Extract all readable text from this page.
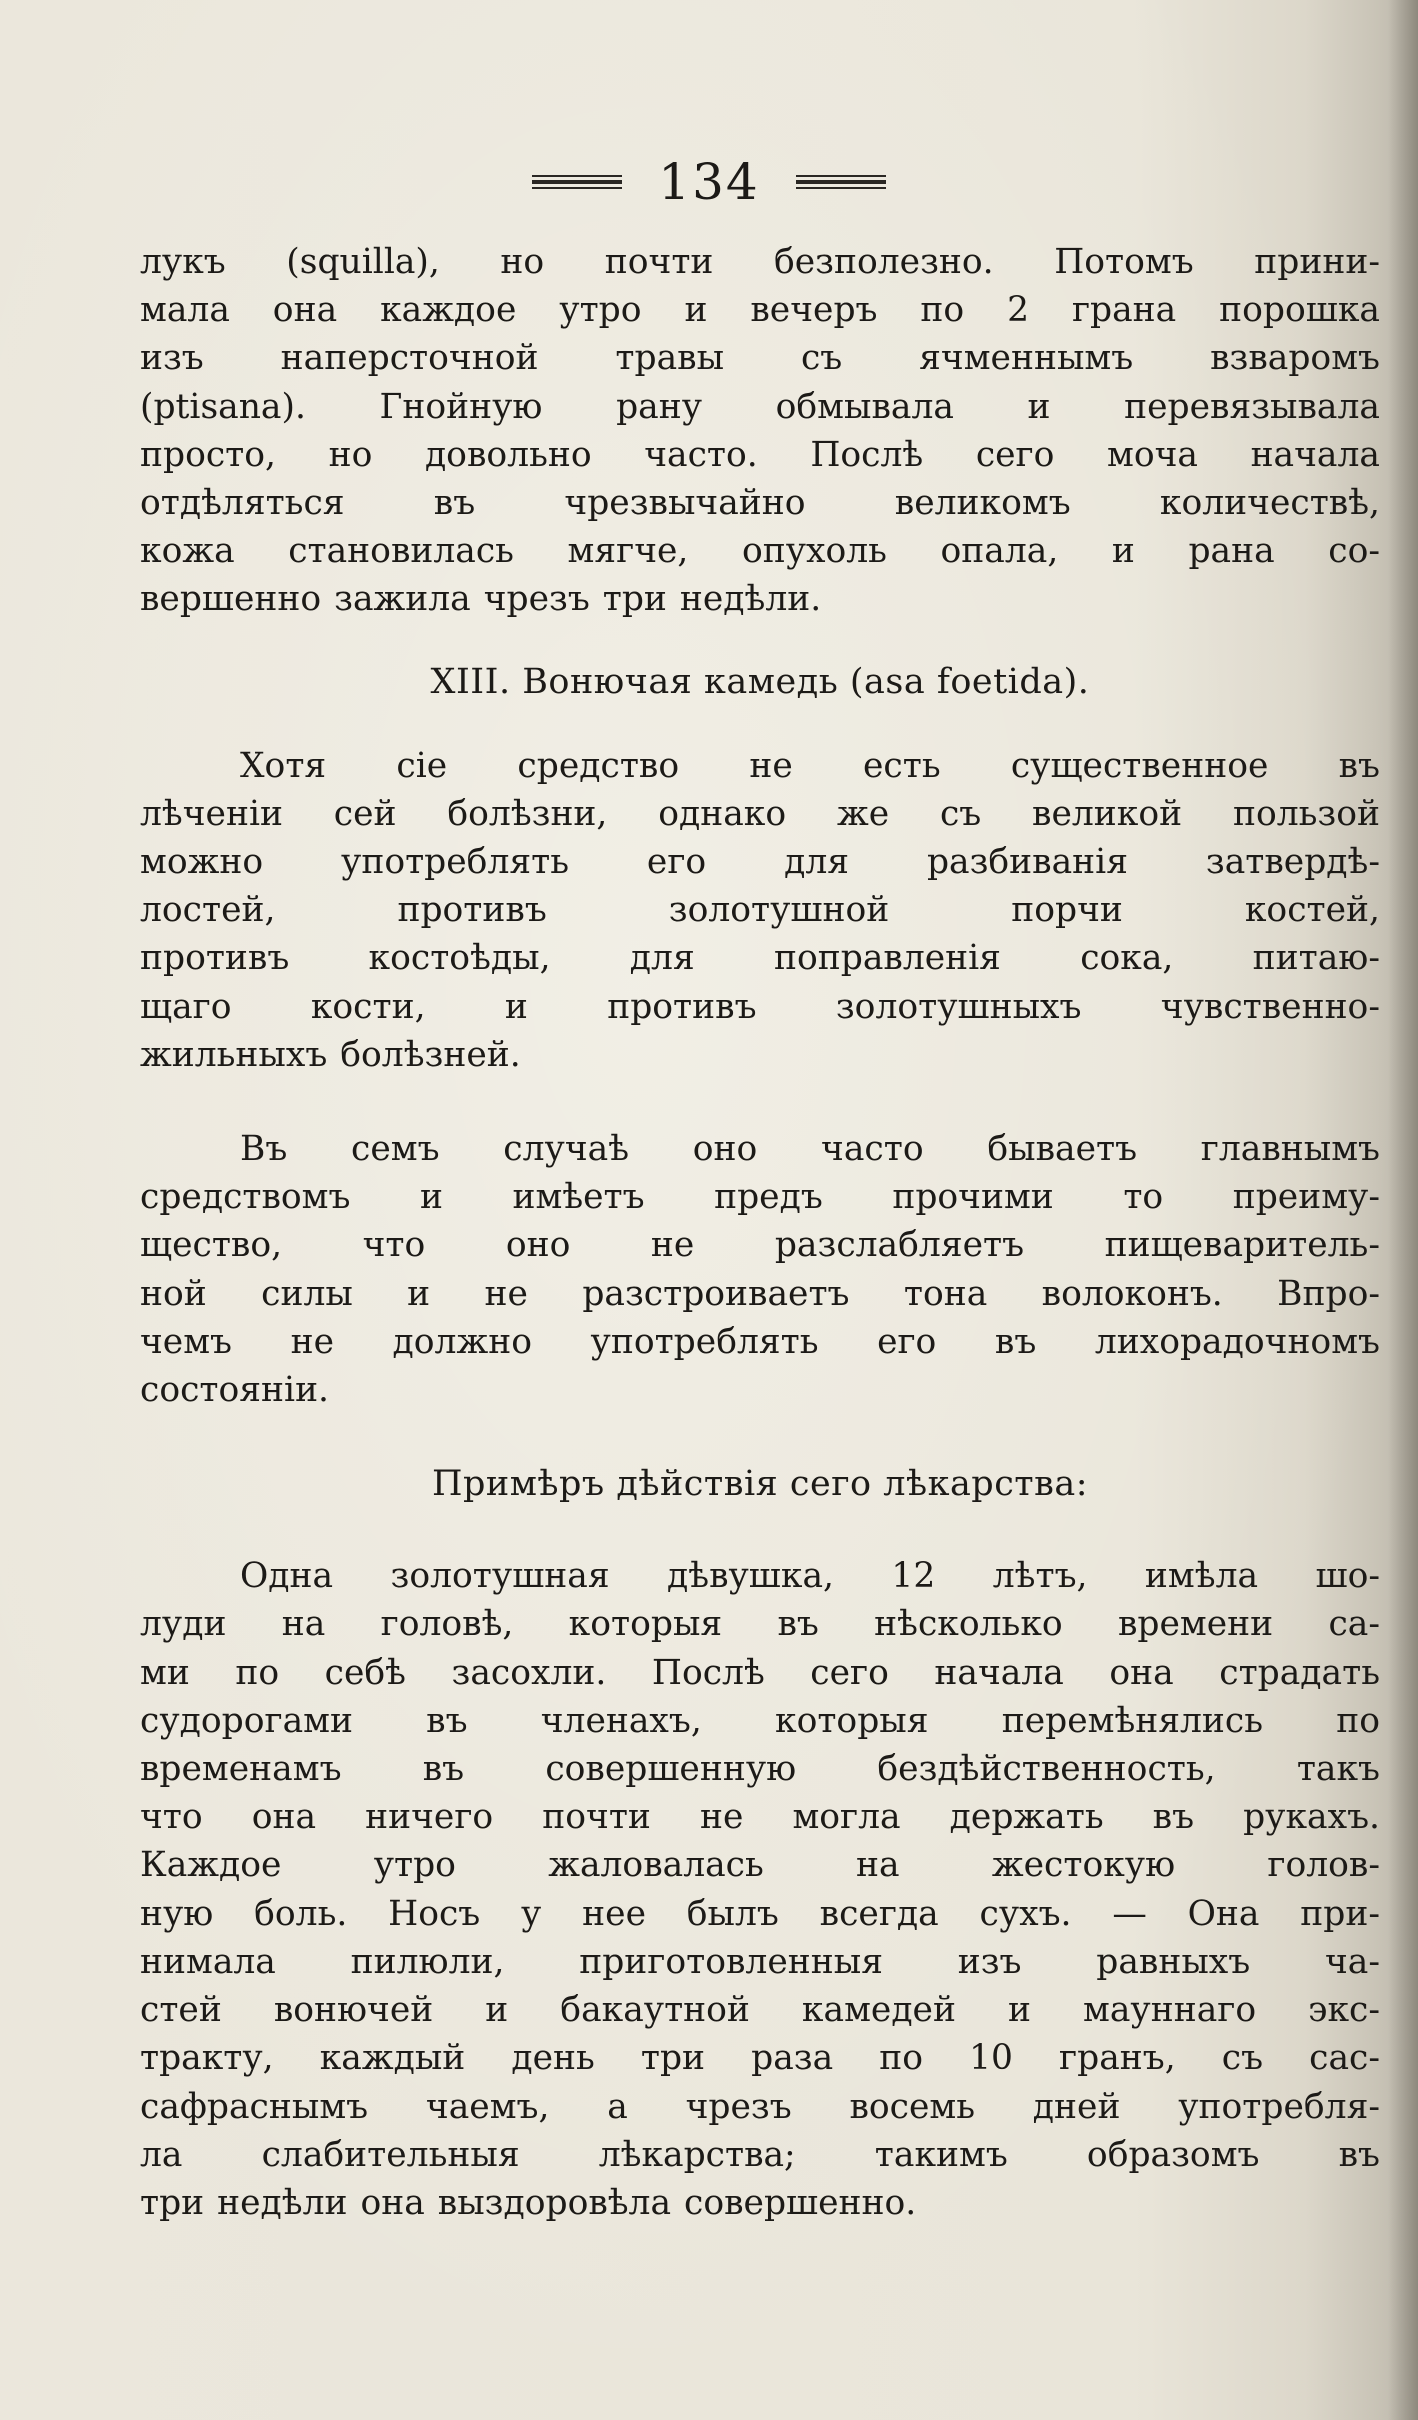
134

лукъ (squilla), но почти безполезно. Потомъ прини-
мала она каждое утро и вечеръ по 2 грана порошка
изъ наперсточной травы съ ячменнымъ взваромъ
(ptisana). Гнойную рану обмывала и перевязывала
просто, но довольно часто. Послѣ сего моча начала
отдѣляться въ чрезвычайно великомъ количествѣ,
кожа становилась мягче, опухоль опала, и рана со-
вершенно зажила чрезъ три недѣли.

XIII. Вонючая камедь (asa foetida).

Хотя сіе средство не есть существенное въ
лѣченіи сей болѣзни, однако же съ великой пользой
можно употреблять его для разбиванія затвердѣ-
лостей, противъ золотушной порчи костей,
противъ костоѣды, для поправленія сока, питаю-
щаго кости, и противъ золотушныхъ чувственно-
жильныхъ болѣзней.

Въ семъ случаѣ оно часто бываетъ главнымъ
средствомъ и имѣетъ предъ прочими то преиму-
щество, что оно не разслабляетъ пищеваритель-
ной силы и не разстроиваетъ тона волоконъ. Впро-
чемъ не должно употреблять его въ лихорадочномъ
состояніи.

Примѣръ дѣйствія сего лѣкарства:

Одна золотушная дѣвушка, 12 лѣтъ, имѣла шо-
луди на головѣ, которыя въ нѣсколько времени са-
ми по себѣ засохли. Послѣ сего начала она страдать
судорогами въ членахъ, которыя перемѣнялись по
временамъ въ совершенную бездѣйственность, такъ
что она ничего почти не могла держать въ рукахъ.
Каждое утро жаловалась на жестокую голов-
ную боль. Носъ у нее былъ всегда сухъ. — Она при-
нимала пилюли, приготовленныя изъ равныхъ ча-
стей вонючей и бакаутной камедей и мауннаго экс-
тракту, каждый день три раза по 10 гранъ, съ сас-
сафраснымъ чаемъ, а чрезъ восемь дней употребля-
ла слабительныя лѣкарства; такимъ образомъ въ
три недѣли она выздоровѣла совершенно.
